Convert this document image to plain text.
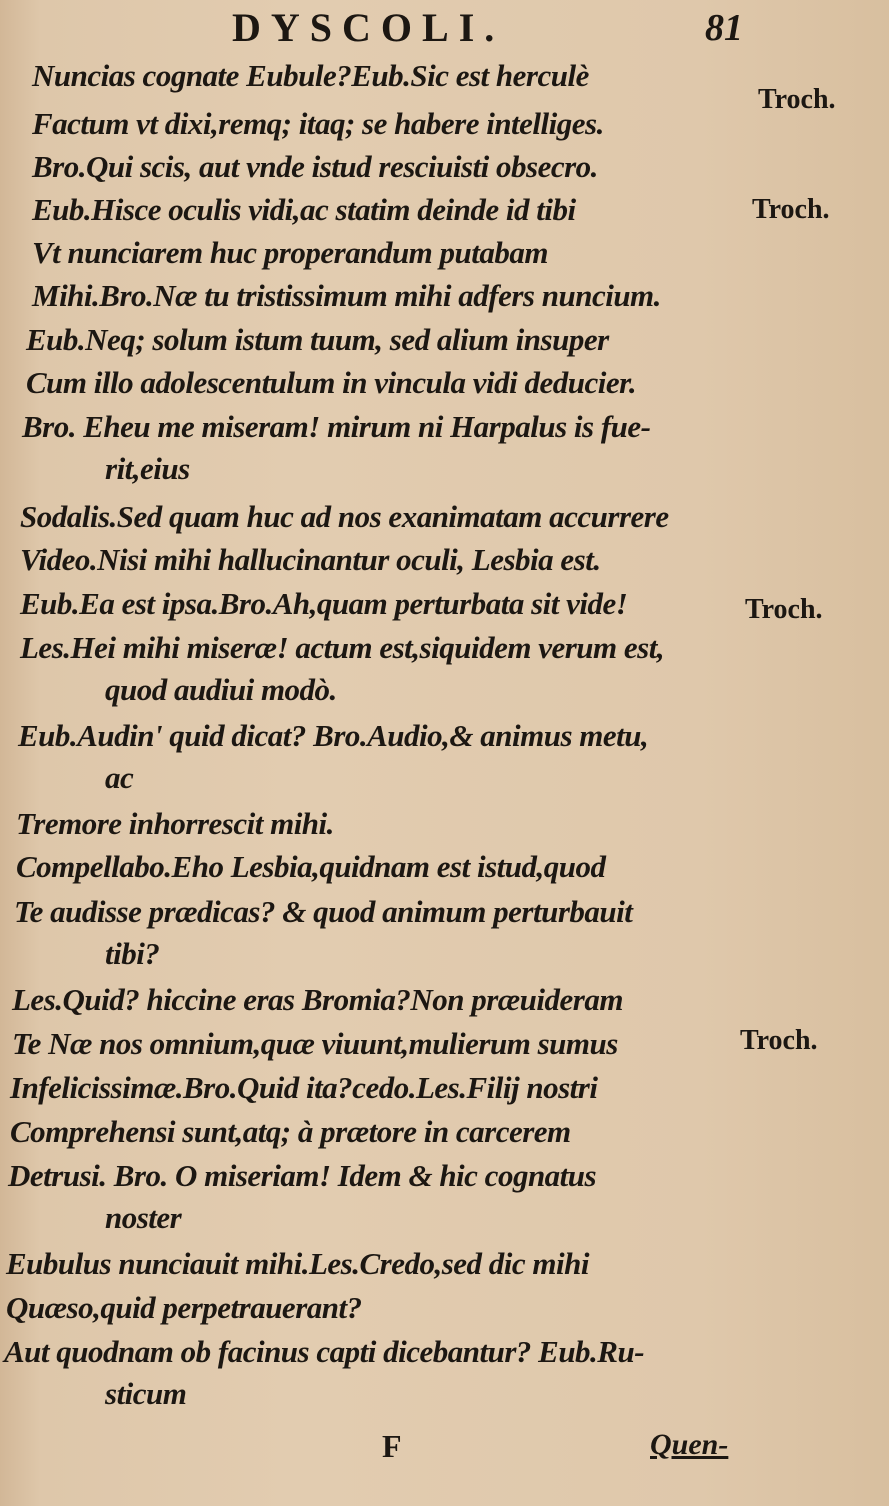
DYSCOLI.	81
Nuncias cognate Eubule?Eub.Sic est herculè
Factum vt dixi,remq; itaq; se habere intelliges.
Bro.Qui scis, aut vnde istud resciuisti obsecro.
Eub.Hisce oculis vidi,ac statim deinde id tibi
Vt nunciarem huc properandum putabam
Mihi.Bro.Næ tu tristissimum mihi adfers nuncium.
Eub.Neq; solum istum tuum, sed alium insuper
Cum illo adolescentulum in vincula vidi deducier.
Bro. Eheu me miseram! mirum ni Harpalus is fue-
rit,eius
Sodalis.Sed quam huc ad nos exanimatam accurrere
Video.Nisi mihi hallucinantur oculi, Lesbia est.
Eub.Ea est ipsa.Bro.Ah,quam perturbata sit vide!
Les.Hei mihi miseræ! actum est,siquidem verum est,
quod audiui modò.
Eub.Audin' quid dicat? Bro.Audio,& animus metu,
ac
Tremore inhorrescit mihi.
Compellabo.Eho Lesbia,quidnam est istud,quod
Te audisse prædicas? & quod animum perturbauit
tibi?
Les.Quid? hiccine eras Bromia?Non præuideram
Te Næ nos omnium,quæ viuunt,mulierum sumus
Infelicissimæ.Bro.Quid ita?cedo.Les.Filij nostri
Comprehensi sunt,atq; à prætore in carcerem
Detrusi. Bro. O miseriam! Idem & hic cognatus
noster
Eubulus nunciauit mihi.Les.Credo,sed dic mihi
Quæso,quid perpetrauerant?
Aut quodnam ob facinus capti dicebantur? Eub.Ru-
sticum
Troch.
Troch.
Troch.
Troch.
F	Quen-
